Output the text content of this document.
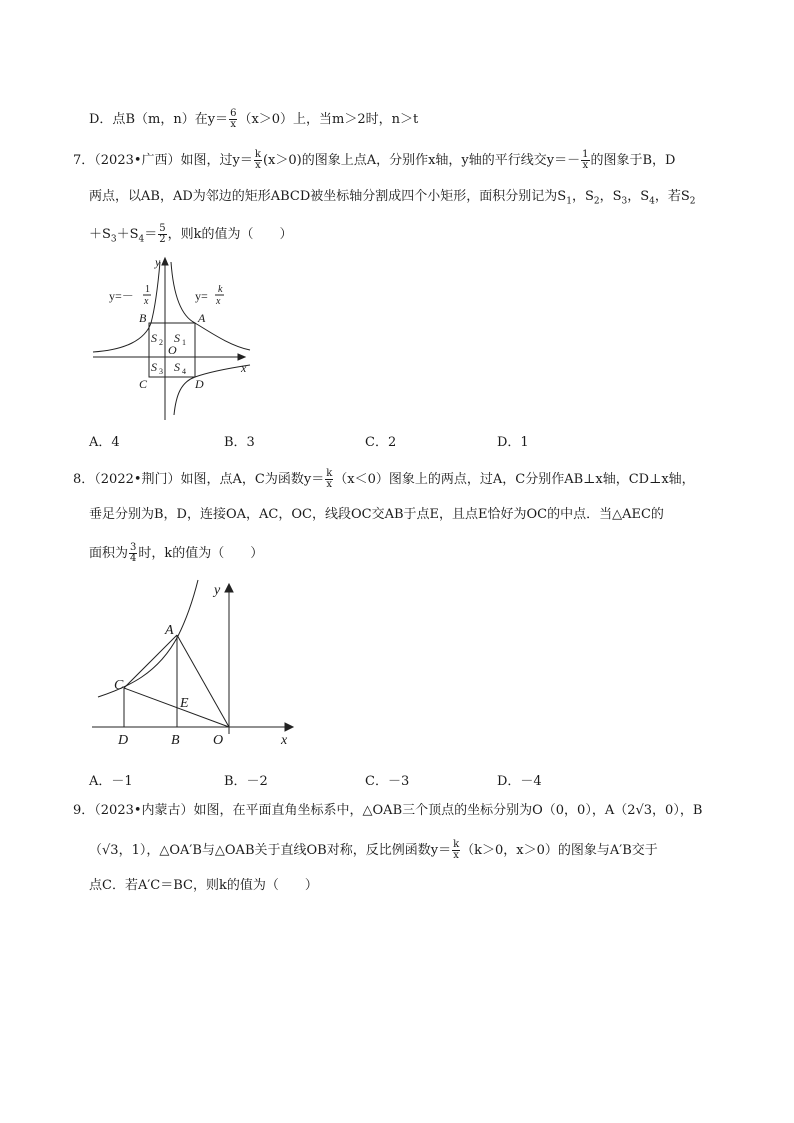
D．点B（m，n）在$y= \frac{6}{x} (x>0)$上，当m＞2时，n＞t
7．（2023•广西）如图，过$y= \frac{k}{x} (x>0)$的图象上点A，分别作x轴，y轴的平行线交$y=- \frac{1}{x}$ 的图象于B，D
两点，以AB，AD为邻边的矩形ABCD被坐标轴分割成四个小矩形，面积分别记为$S_1$，$S_2$，$S_3$，$S_4$，若$S_2$
$+S_3+S_4= \frac{5}{2}$ ，则k的值为（　　）
y=－ 1
x	y= k
x
y
x
A
B
C	D
O
S 1
S 2
S 3 S 4
A．4	B．3	C．2	D．1
8．（2022•荆门）如图，点A，C为函数$y= \frac{k}{x} (x<0)$图象上的两点，过A，C分别作AB⊥x轴，CD⊥x轴，
垂足分别为B，D，连接OA，AC，OC，线段OC交AB于点E，且点E恰好为OC的中点．当△AEC的
面积为 $\frac{3}{4}$ 时，k的值为（　　）
y
x
A
C
E
D	B O
A．－1	B．－2	C．－3	D．－4
9．（2023•内蒙古）如图，在平面直角坐标系中，△OAB三个顶点的坐标分别为O（0，0），A（2√3，0），B
（√3，1），△OA′B与△OAB关于直线OB对称，反比例函数$y= \frac{k}{x} (k>0$，x＞0）的图象与A′B交于
点C．若A′C＝BC，则k的值为（　　）
